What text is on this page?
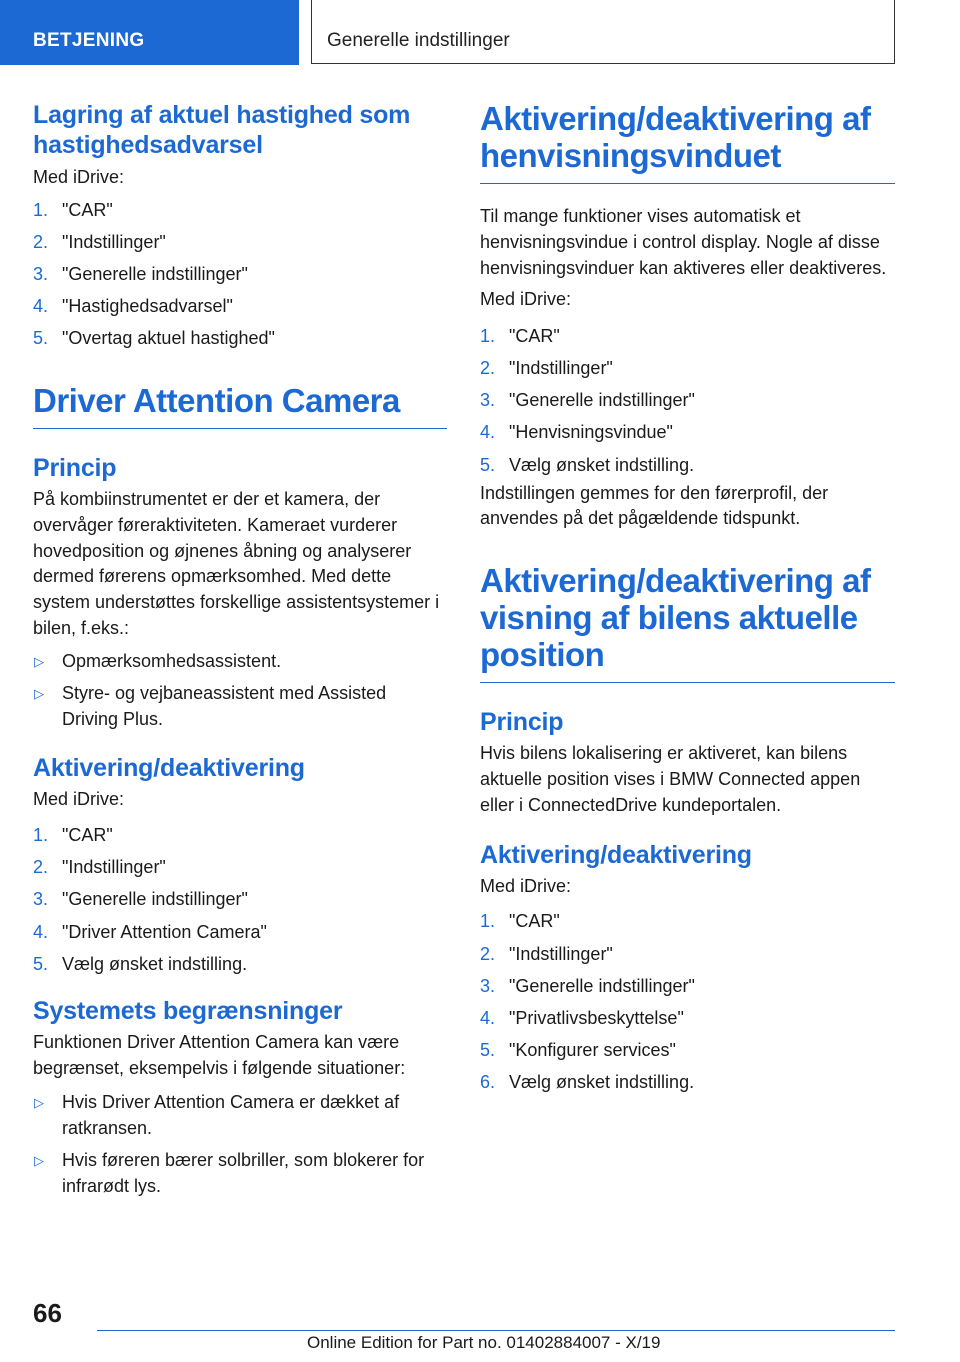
BETJENING	Generelle indstillinger
Lagring af aktuel hastighed som hastighedsadvarsel

Med iDrive:

1. "CAR"
2. "Indstillinger"
3. "Generelle indstillinger"
4. "Hastighedsadvarsel"
5. "Overtag aktuel hastighed"
Driver Attention Camera
Princip

På kombiinstrumentet er der et kamera, der overvåger føreraktiviteten. Kameraet vurderer hovedposition og øjnenes åbning og analyserer dermed førerens opmærksomhed. Med dette system understøttes forskellige assistentsystemer i bilen, f.eks.:

▷ Opmærksomhedsassistent.
▷ Styre- og vejbaneassistent med Assisted Driving Plus.
Aktivering/deaktivering

Med iDrive:

1. "CAR"
2. "Indstillinger"
3. "Generelle indstillinger"
4. "Driver Attention Camera"
5. Vælg ønsket indstilling.
Systemets begrænsninger

Funktionen Driver Attention Camera kan være begrænset, eksempelvis i følgende situationer:

▷ Hvis Driver Attention Camera er dækket af ratkransen.
▷ Hvis føreren bærer solbriller, som blokerer for infrarødt lys.
Aktivering/deaktivering af henvisningsvinduet

Til mange funktioner vises automatisk et henvisningsvindue i control display. Nogle af disse henvisningsvinduer kan aktiveres eller deaktiveres.

Med iDrive:

1. "CAR"
2. "Indstillinger"
3. "Generelle indstillinger"
4. "Henvisningsvindue"
5. Vælg ønsket indstilling.

Indstillingen gemmes for den førerprofil, der anvendes på det pågældende tidspunkt.

Aktivering/deaktivering af visning af bilens aktuelle position
Princip

Hvis bilens lokalisering er aktiveret, kan bilens aktuelle position vises i BMW Connected appen eller i ConnectedDrive kundeportalen.

Aktivering/deaktivering

Med iDrive:

1. "CAR"
2. "Indstillinger"
3. "Generelle indstillinger"
4. "Privatlivsbeskyttelse"
5. "Konfigurer services"
6. Vælg ønsket indstilling.
66
Online Edition for Part no. 01402884007 - X/19
